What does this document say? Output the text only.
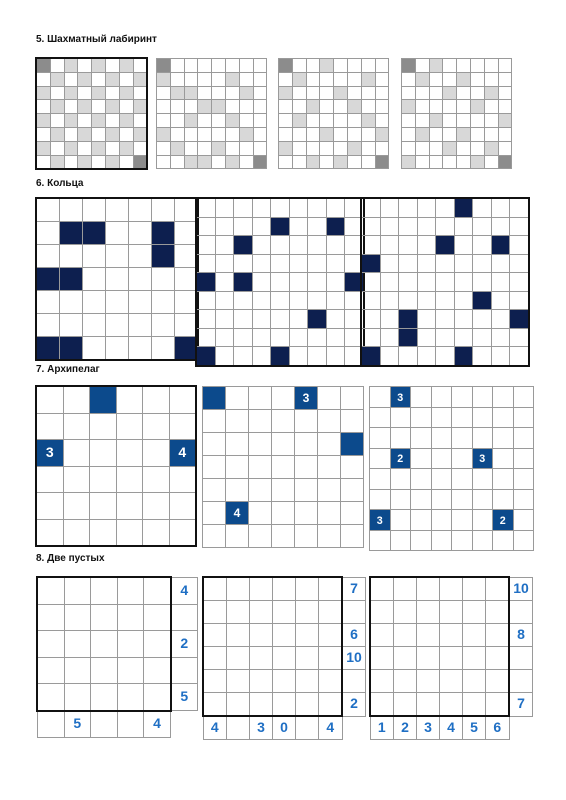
5. Шахматный лабиринт

6. Кольца

7. Архипелаг

3					4

				3		

	4					

	3						

	2				3		

3						2	

8. Две пустых
					4

					2

					5
	5			4	
						7

						6
						10

						2
4		3	0		4	
						10

						8

						7
1	2	3	4	5	6	
